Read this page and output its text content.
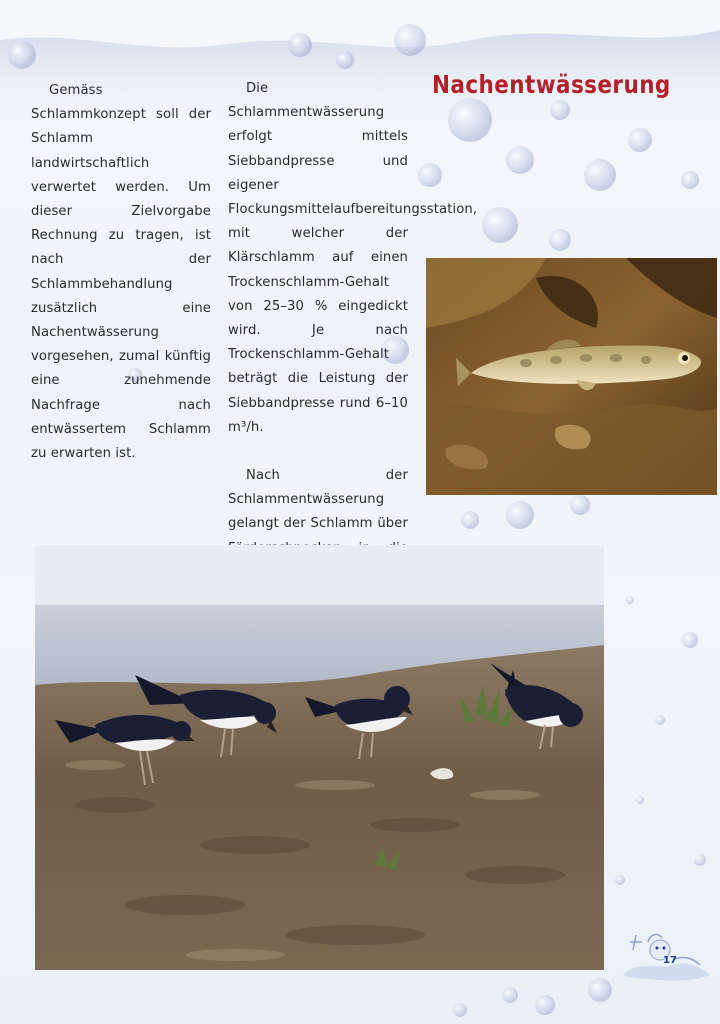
Gemäss Schlammkonzept soll der Schlamm landwirtschaftlich verwertet werden. Um dieser Zielvorgabe Rechnung zu tragen, ist nach der Schlammbehandlung zusätzlich eine Nachentwässerung vorgesehen, zumal künftig eine zunehmende Nachfrage nach entwässertem Schlamm zu erwarten ist.

Die Schlammentwässerung erfolgt mittels Siebbandpresse und eigener Flockungsmittelaufbereitungsstation, mit welcher der Klärschlamm auf einen Trockenschlamm-Gehalt von 25–30 % eingedickt wird. Je nach Trockenschlamm-Gehalt beträgt die Leistung der Siebbandpresse rund 6–10 m³/h.

Nach der Schlammentwässerung gelangt der Schlamm über

Nachentwässerung
17
